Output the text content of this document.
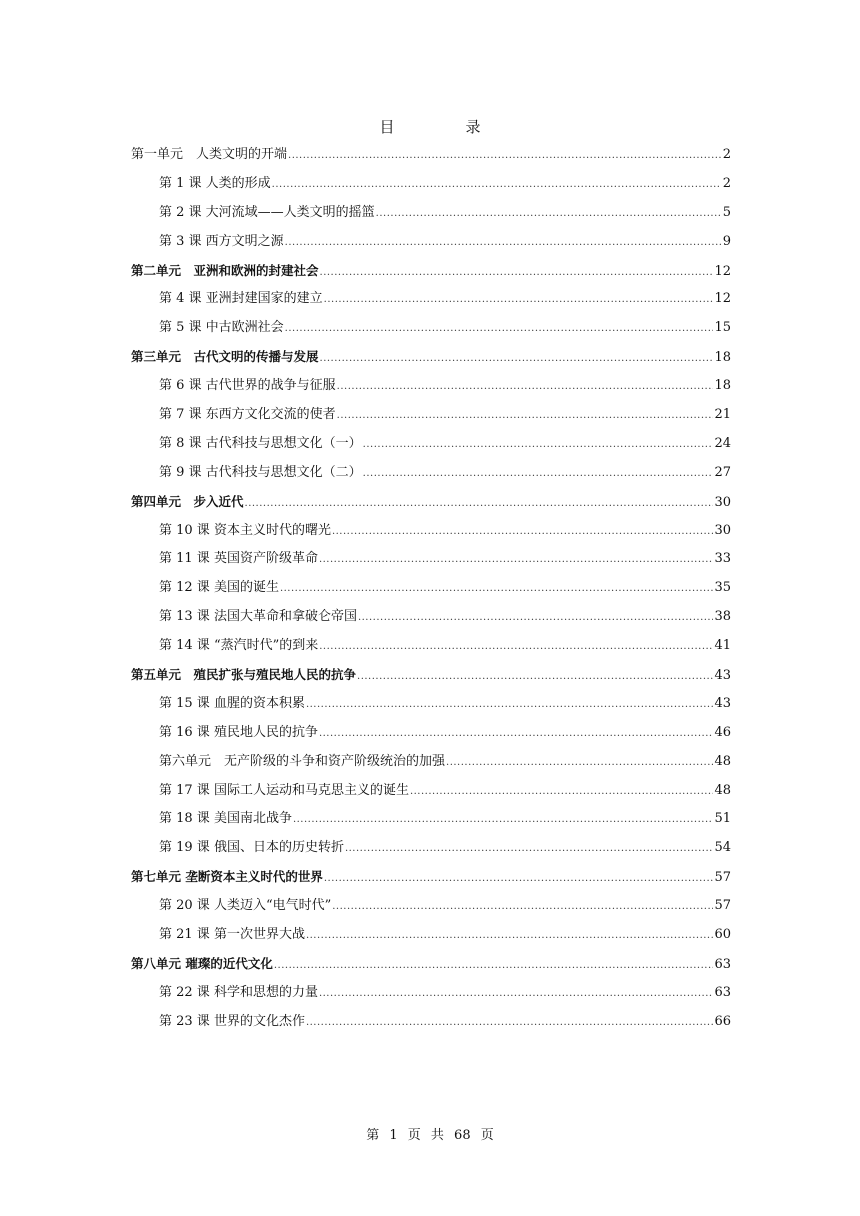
目　录
第一单元　人类文明的开端 .....	2
第 1 课 人类的形成 .....	2
第 2 课 大河流域——人类文明的摇篮 .....	5
第 3 课 西方文明之源 .....	9
第二单元　亚洲和欧洲的封建社会 .....	12
第 4 课 亚洲封建国家的建立 .....	12
第 5 课 中古欧洲社会 .....	15
第三单元　古代文明的传播与发展 .....	18
第 6 课 古代世界的战争与征服 .....	18
第 7 课 东西方文化交流的使者 .....	21
第 8 课 古代科技与思想文化（一） .....	24
第 9 课 古代科技与思想文化（二） .....	27
第四单元　步入近代 .....	30
第 10 课 资本主义时代的曙光 .....	30
第 11 课 英国资产阶级革命 .....	33
第 12 课 美国的诞生 .....	35
第 13 课 法国大革命和拿破仑帝国 .....	38
第 14 课 “蒸汽时代”的到来 .....	41
第五单元　殖民扩张与殖民地人民的抗争 .....	43
第 15 课 血腥的资本积累 .....	43
第 16 课 殖民地人民的抗争 .....	46
第六单元　无产阶级的斗争和资产阶级统治的加强 .....	48
第 17 课 国际工人运动和马克思主义的诞生 .....	48
第 18 课 美国南北战争 .....	51
第 19 课 俄国、日本的历史转折 .....	54
第七单元 垄断资本主义时代的世界 .....	57
第 20 课 人类迈入“电气时代” .....	57
第 21 课 第一次世界大战 .....	60
第八单元 璀璨的近代文化 .....	63
第 22 课 科学和思想的力量 .....	63
第 23 课 世界的文化杰作 .....	66
第 1 页 共 68 页
